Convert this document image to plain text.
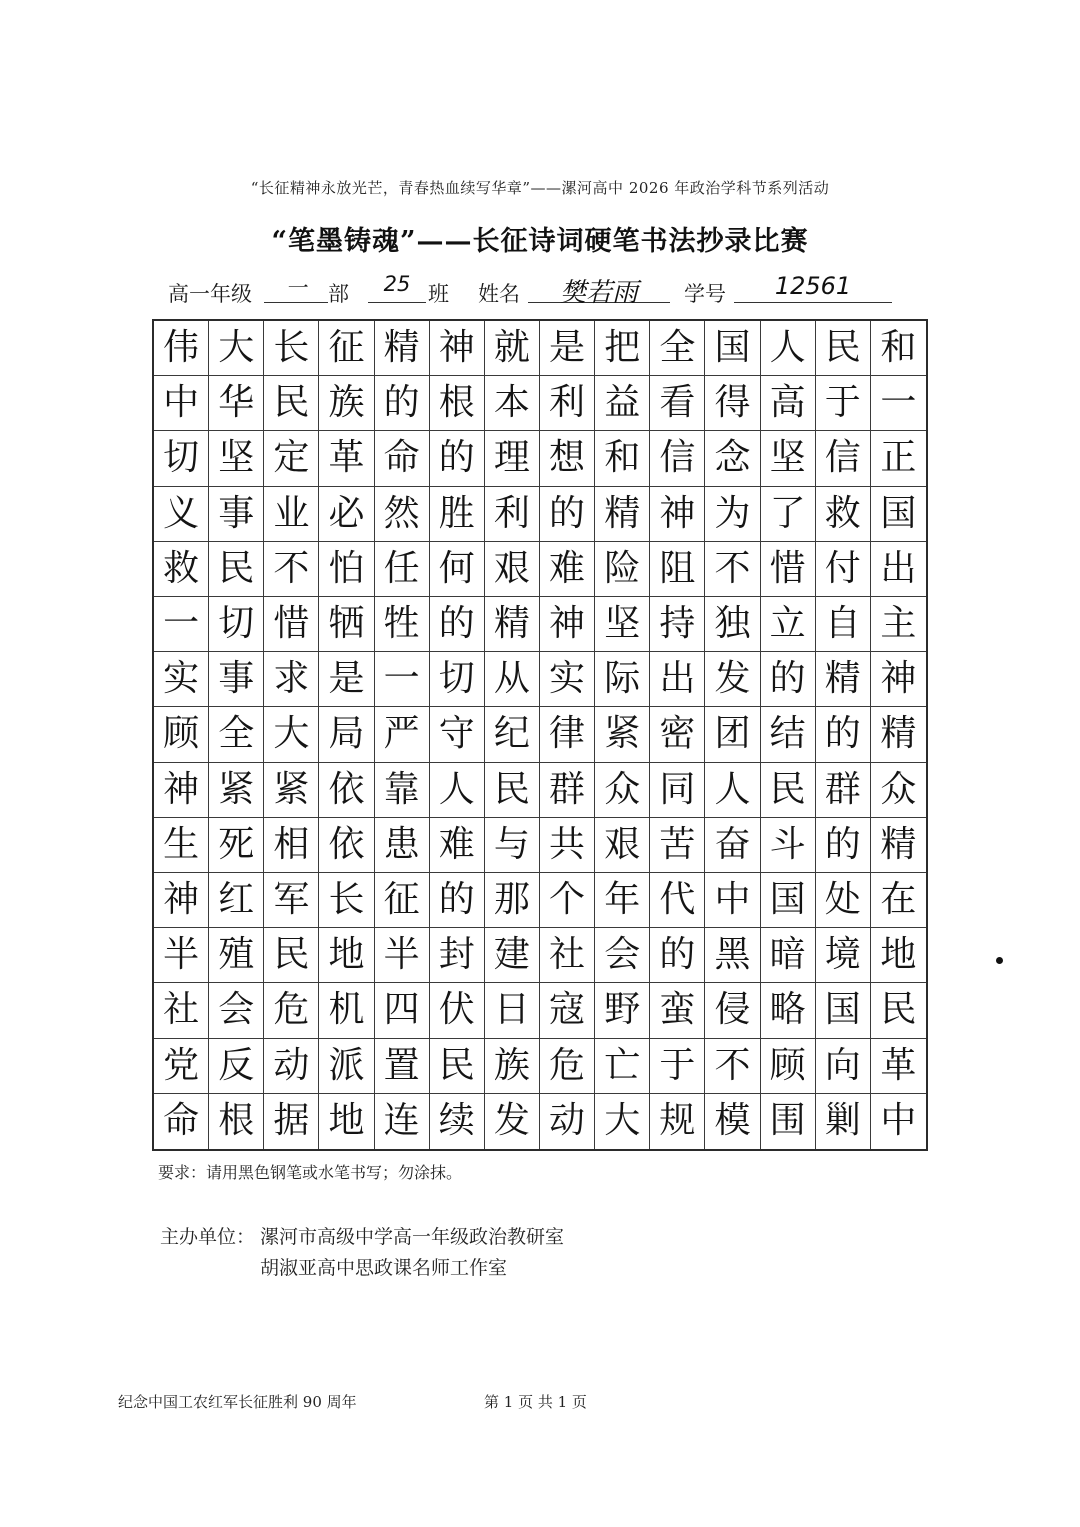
“长征精神永放光芒，青春热血续写华章”——漯河高中 2026 年政治学科节系列活动
“笔墨铸魂”——长征诗词硬笔书法抄录比赛
高一年级	一	部	25 班 姓名	樊若雨	学号	12561
伟 大 长 征 精 神 就 是 把 全 国 人 民 和
中 华 民 族 的 根 本 利 益 看 得 高 于 一
切 坚 定 革 命 的 理 想 和 信 念 坚 信 正
义 事 业 必 然 胜 利 的 精 神 为 了 救 国
救 民 不 怕 任 何 艰 难 险 阻 不 惜 付 出
一 切 惜 牺 牲 的 精 神 坚 持 独 立 自 主
实 事 求 是 一 切 从 实 际 出 发 的 精 神
顾 全 大 局 严 守 纪 律 紧 密 团 结 的 精
神 紧 紧 依 靠 人 民 群 众 同 人 民 群 众
生 死 相 依 患 难 与 共 艰 苦 奋 斗 的 精
神 红 军 长 征 的 那 个 年 代 中 国 处 在
半 殖 民 地 半 封 建 社 会 的 黑 暗 境 地
社 会 危 机 四 伏 日 寇 野 蛮 侵 略 国 民
党 反 动 派 置 民 族 危 亡 于 不 顾 向 革
命 根 据 地 连 续 发 动 大 规 模 围 剿 中
要求：请用黑色钢笔或水笔书写；勿涂抹。
主办单位： 漯河市高级中学高一年级政治教研室
胡淑亚高中思政课名师工作室
纪念中国工农红军长征胜利 90 周年	第 1 页 共 1 页
